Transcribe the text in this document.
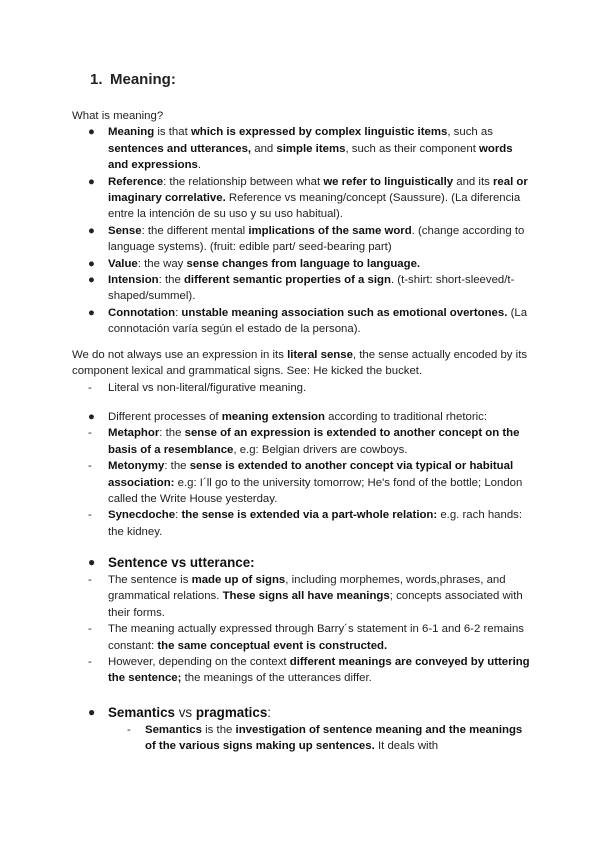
1. Meaning:

What is meaning?

●	Meaning is that which is expressed by complex linguistic items, such as sentences and utterances, and simple items, such as their component words and expressions.
●	Reference: the relationship between what we refer to linguistically and its real or imaginary correlative. Reference vs meaning/concept (Saussure). (La diferencia entre la intención de su uso y su uso habitual).
●	Sense: the different mental implications of the same word. (change according to language systems). (fruit: edible part/ seed-bearing part)
●	Value: the way sense changes from language to language.
●	Intension: the different semantic properties of a sign. (t-shirt: short-sleeved/t-shaped/summel).
●	Connotation: unstable meaning association such as emotional overtones. (La connotación varía según el estado de la persona).

We do not always use an expression in its literal sense, the sense actually encoded by its component lexical and grammatical signs. See: He kicked the bucket.

-	Literal vs non-literal/figurative meaning.
●	Different processes of meaning extension according to traditional rhetoric:
-	Metaphor: the sense of an expression is extended to another concept on the basis of a resemblance, e.g: Belgian drivers are cowboys.
-	Metonymy: the sense is extended to another concept via typical or habitual association: e.g: I´ll go to the university tomorrow; He's fond of the bottle; London called the Write House yesterday.
-	Synecdoche: the sense is extended via a part-whole relation: e.g. rach hands: the kidney.
● Sentence vs utterance:
-	The sentence is made up of signs, including morphemes, words,phrases, and grammatical relations. These signs all have meanings; concepts associated with their forms.
-	The meaning actually expressed through Barry´s statement in 6-1 and 6-2 remains constant: the same conceptual event is constructed.
-	However, depending on the context different meanings are conveyed by uttering the sentence; the meanings of the utterances differ.
● Semantics vs pragmatics:
-	Semantics is the investigation of sentence meaning and the meanings of the various signs making up sentences. It deals with
